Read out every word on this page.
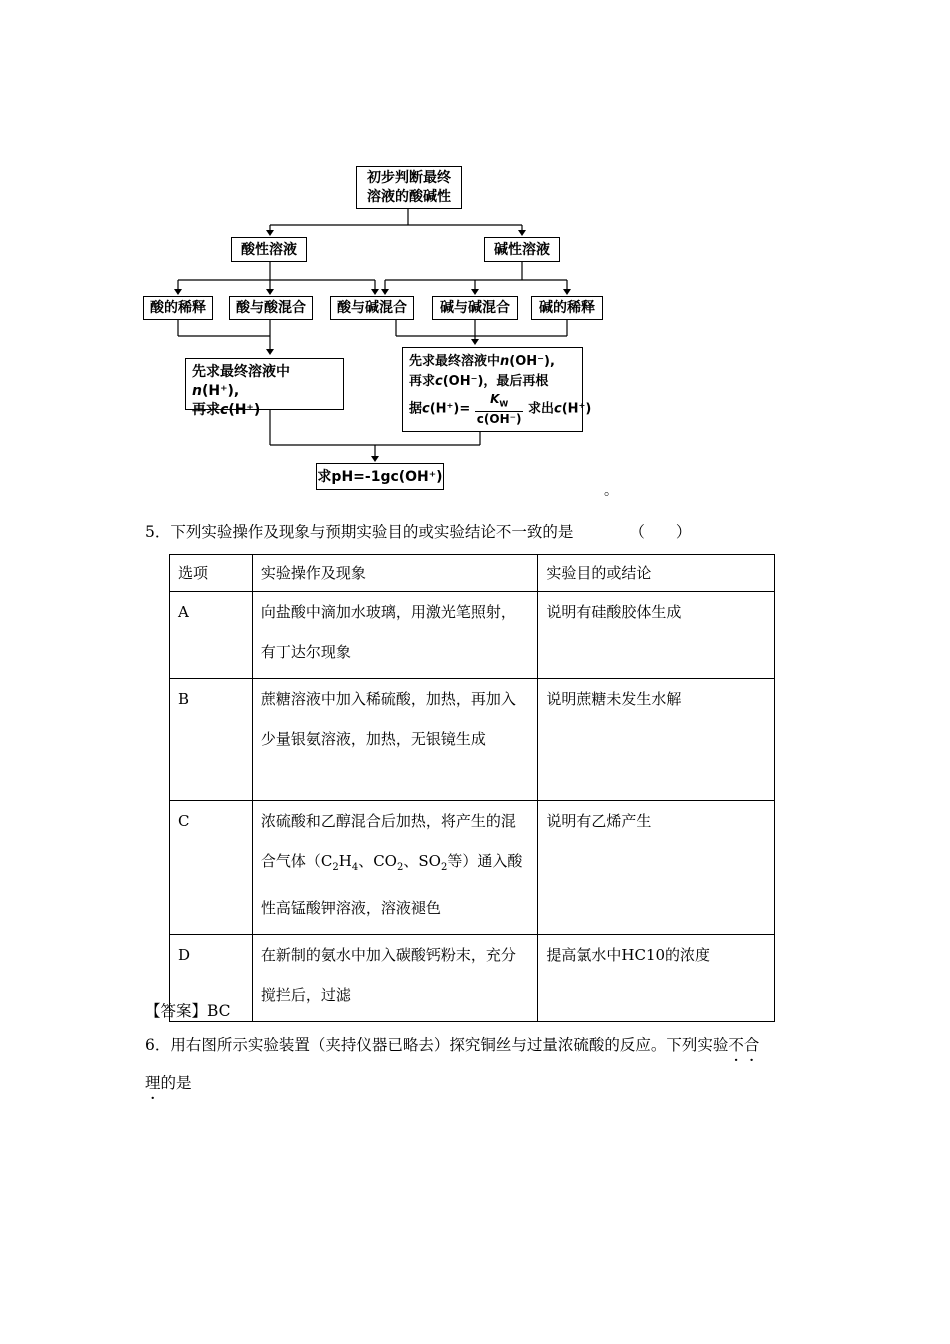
初步判断最终
溶液的酸碱性
酸性溶液	碱性溶液
酸的稀释 酸与酸混合 酸与碱混合 碱与碱混合 碱的稀释
先求最终溶液中n(H⁺),
再求c(H⁺)
先求最终溶液中n(OH⁻),
再求c(OH⁻)，最后再根
据$c(H^+)= \frac{K_W}{c(OH^-)}$ 求出c(H⁺)
求pH=-1gc(OH⁺)
。
5．下列实验操作及现象与预期实验目的或实验结论不一致的是	（　　）
选项	实验操作及现象	实验目的或结论
A	向盐酸中滴加水玻璃，用激光笔照射，有丁达尔现象	说明有硅酸胶体生成
B	蔗糖溶液中加入稀硫酸，加热，再加入少量银氨溶液，加热，无银镜生成	说明蔗糖未发生水解
C	浓硫酸和乙醇混合后加热，将产生的混合气体（$C_2H_4$、$CO_2$、$SO_2$等）通入酸性高锰酸钾溶液，溶液褪色	说明有乙烯产生
D	在新制的氨水中加入碳酸钙粉末，充分搅拦后，过滤	提高氯水中HC10的浓度
【答案】BC
6．用右图所示实验装置（夹持仪器已略去）探究铜丝与过量浓硫酸的反应。下列实验不合
理的是
